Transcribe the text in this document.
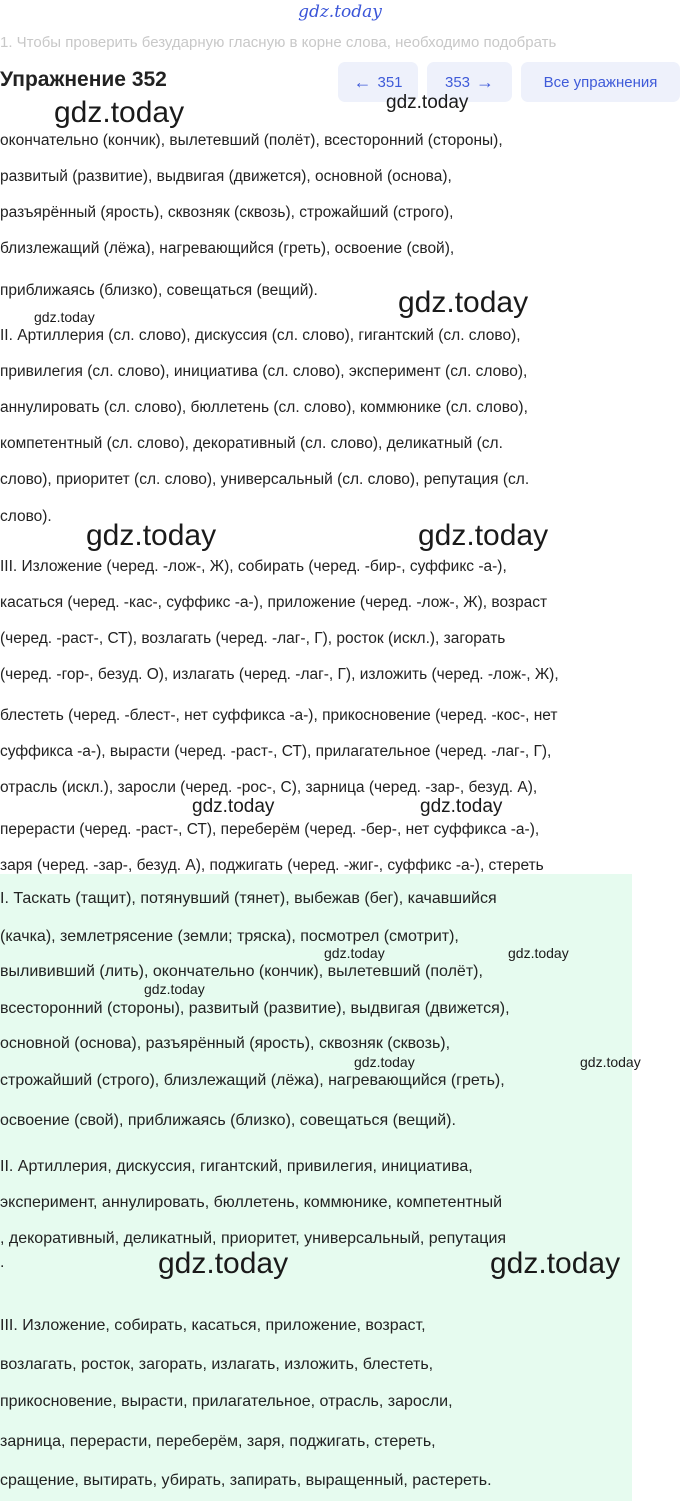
gdz.today
1. Чтобы проверить безударную гласную в корне слова, необходимо подобрать
Упражнение 352	← 351	353 →	Все упражнения
окончательно (кончик), вылетевший (полёт), всесторонний (стороны),
развитый (развитие), выдвигая (движется), основной (основа),
разъярённый (ярость), сквозняк (сквозь), строжайший (строго),
близлежащий (лёжа), нагревающийся (греть), освоение (свой),
приближаясь (близко), совещаться (вещий).
II. Артиллерия (сл. слово), дискуссия (сл. слово), гигантский (сл. слово),
привилегия (сл. слово), инициатива (сл. слово), эксперимент (сл. слово),
аннулировать (сл. слово), бюллетень (сл. слово), коммюнике (сл. слово),
компетентный (сл. слово), декоративный (сл. слово), деликатный (сл.
слово), приоритет (сл. слово), универсальный (сл. слово), репутация (сл.
слово).
III. Изложение (черед. -лож-, Ж), собирать (черед. -бир-, суффикс -а-),
касаться (черед. -кас-, суффикс -а-), приложение (черед. -лож-, Ж), возраст
(черед. -раст-, СТ), возлагать (черед. -лаг-, Г), росток (искл.), загорать
(черед. -гор-, безуд. О), излагать (черед. -лаг-, Г), изложить (черед. -лож-, Ж),
блестеть (черед. -блест-, нет суффикса -а-), прикосновение (черед. -кос-, нет
суффикса -а-), вырасти (черед. -раст-, СТ), прилагательное (черед. -лаг-, Г),
отрасль (искл.), заросли (черед. -рос-, С), зарница (черед. -зар-, безуд. А),
перерасти (черед. -раст-, СТ), переберём (черед. -бер-, нет суффикса -а-),
заря (черед. -зар-, безуд. А), поджигать (черед. -жиг-, суффикс -а-), стереть
I. Таскать (тащит), потянувший (тянет), выбежав (бег), качавшийся
(качка), землетрясение (земли; тряска), посмотрел (смотрит),
вылививший (лить), окончательно (кончик), вылетевший (полёт),
всесторонний (стороны), развитый (развитие), выдвигая (движется),
основной (основа), разъярённый (ярость), сквозняк (сквозь),
строжайший (строго), близлежащий (лёжа), нагревающийся (греть),
освоение (свой), приближаясь (близко), совещаться (вещий).
II. Артиллерия, дискуссия, гигантский, привилегия, инициатива,
эксперимент, аннулировать, бюллетень, коммюнике, компетентный
, декоративный, деликатный, приоритет, универсальный, репутация
.
III. Изложение, собирать, касаться, приложение, возраст,
возлагать, росток, загорать, излагать, изложить, блестеть,
прикосновение, вырасти, прилагательное, отрасль, заросли,
зарница, перерасти, переберём, заря, поджигать, стереть,
сращение, вытирать, убирать, запирать, выращенный, растереть.
gdz.today	gdz.today
gdz.today
gdz.today
gdz.today	gdz.today
gdz.today	gdz.today
gdz.today	gdz.today
gdz.today
gdz.today	gdz.today
gdz.today	gdz.today
